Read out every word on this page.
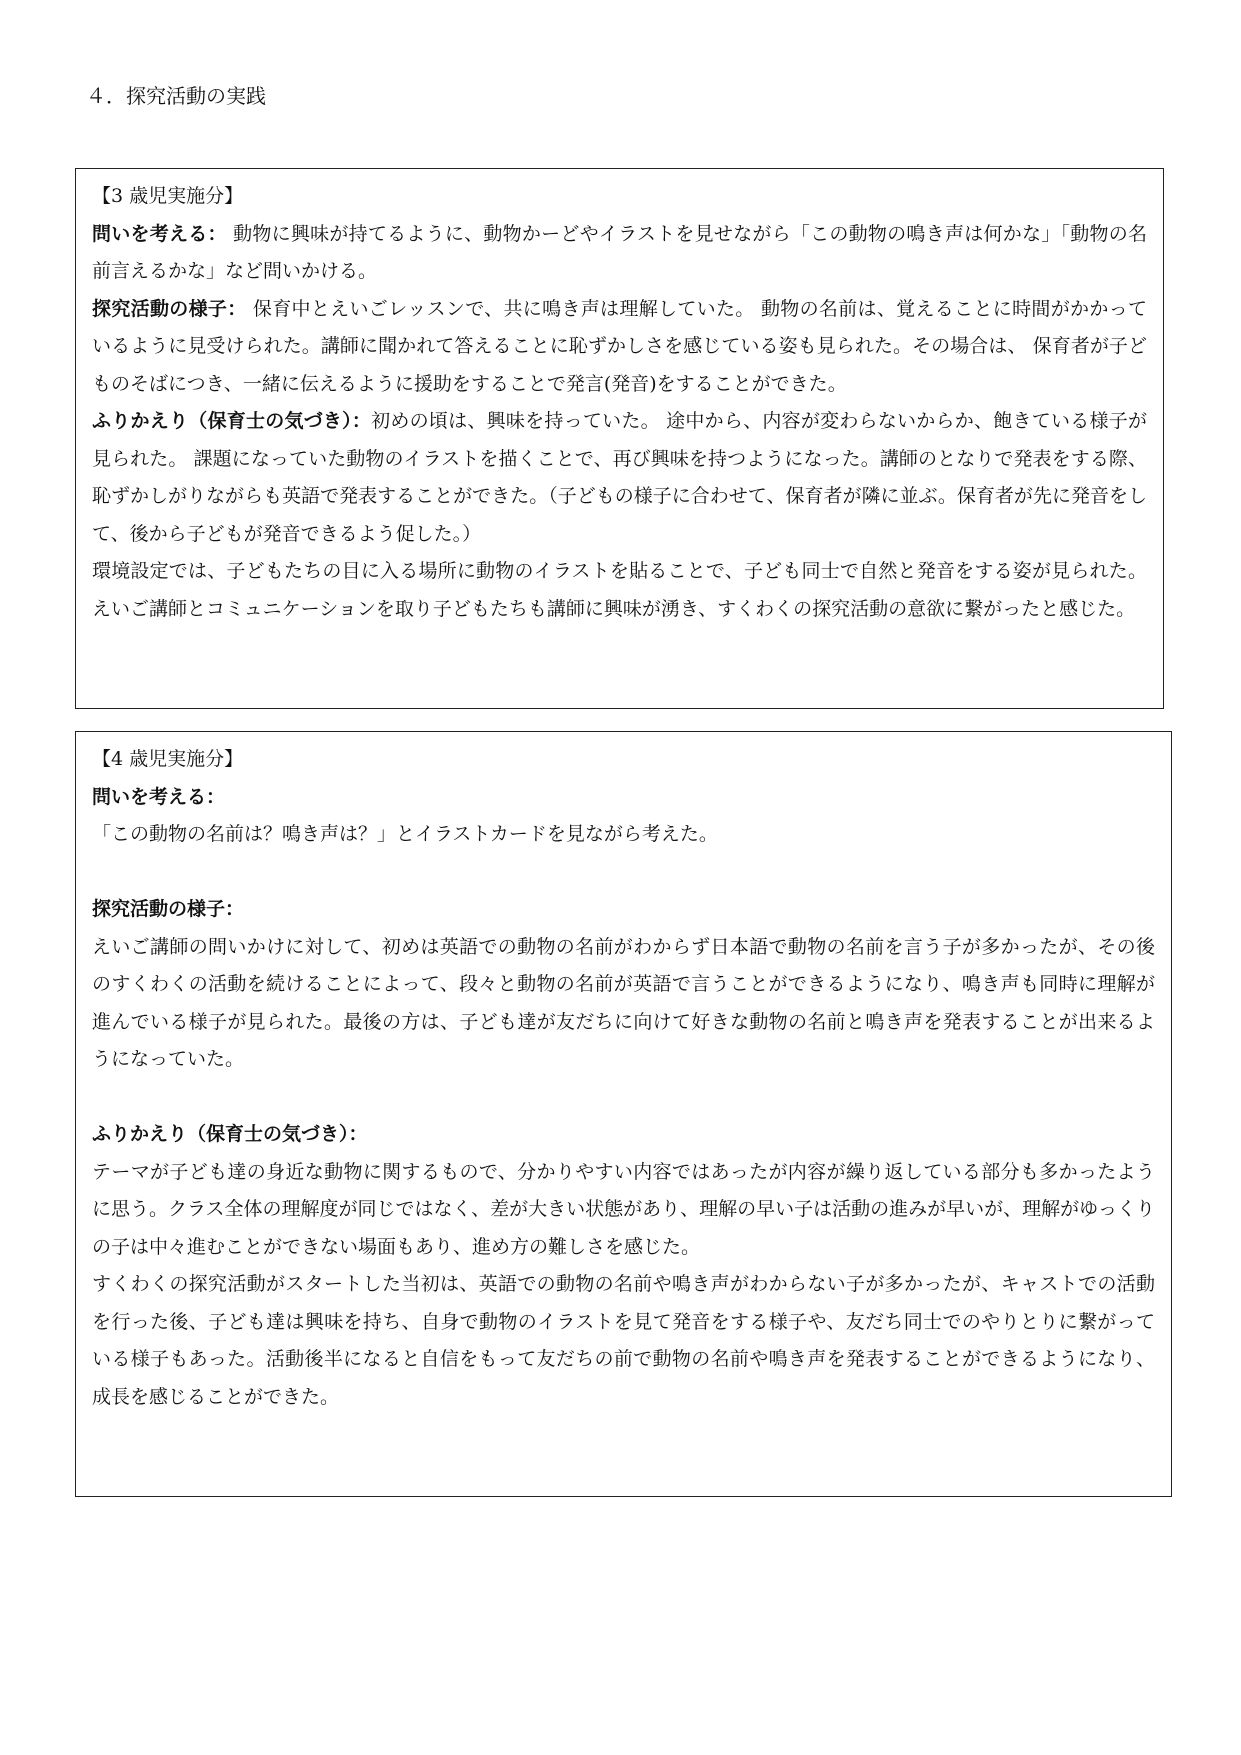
４．探究活動の実践

【3 歳児実施分】

問いを考える： 動物に興味が持てるように、動物かーどやイラストを見せながら「この動物の鳴き声は何かな」「動物の名前言えるかな」など問いかける。

探究活動の様子： 保育中とえいごレッスンで、共に鳴き声は理解していた。 動物の名前は、覚えることに時間がかかっているように見受けられた。講師に聞かれて答えることに恥ずかしさを感じている姿も見られた。その場合は、 保育者が子どものそばにつき、一緒に伝えるように援助をすることで発言(発音)をすることができた。

ふりかえり（保育士の気づき）：初めの頃は、興味を持っていた。 途中から、内容が変わらないからか、飽きている様子が見られた。 課題になっていた動物のイラストを描くことで、再び興味を持つようになった。講師のとなりで発表をする際、恥ずかしがりながらも英語で発表することができた。（子どもの様子に合わせて、保育者が隣に並ぶ。保育者が先に発音をして、後から子どもが発音できるよう促した。）

環境設定では、子どもたちの目に入る場所に動物のイラストを貼ることで、子ども同士で自然と発音をする姿が見られた。 えいご講師とコミュニケーションを取り子どもたちも講師に興味が湧き、すくわくの探究活動の意欲に繋がったと感じた。

【4 歳児実施分】

問いを考える：

「この動物の名前は？鳴き声は？」とイラストカードを見ながら考えた。

探究活動の様子：

えいご講師の問いかけに対して、初めは英語での動物の名前がわからず日本語で動物の名前を言う子が多かったが、その後のすくわくの活動を続けることによって、段々と動物の名前が英語で言うことができるようになり、鳴き声も同時に理解が進んでいる様子が見られた。最後の方は、子ども達が友だちに向けて好きな動物の名前と鳴き声を発表することが出来るようになっていた。

ふりかえり（保育士の気づき）：

テーマが子ども達の身近な動物に関するもので、分かりやすい内容ではあったが内容が繰り返している部分も多かったように思う。クラス全体の理解度が同じではなく、差が大きい状態があり、理解の早い子は活動の進みが早いが、理解がゆっくりの子は中々進むことができない場面もあり、進め方の難しさを感じた。

すくわくの探究活動がスタートした当初は、英語での動物の名前や鳴き声がわからない子が多かったが、キャストでの活動を行った後、子ども達は興味を持ち、自身で動物のイラストを見て発音をする様子や、友だち同士でのやりとりに繋がっている様子もあった。活動後半になると自信をもって友だちの前で動物の名前や鳴き声を発表することができるようになり、成長を感じることができた。
